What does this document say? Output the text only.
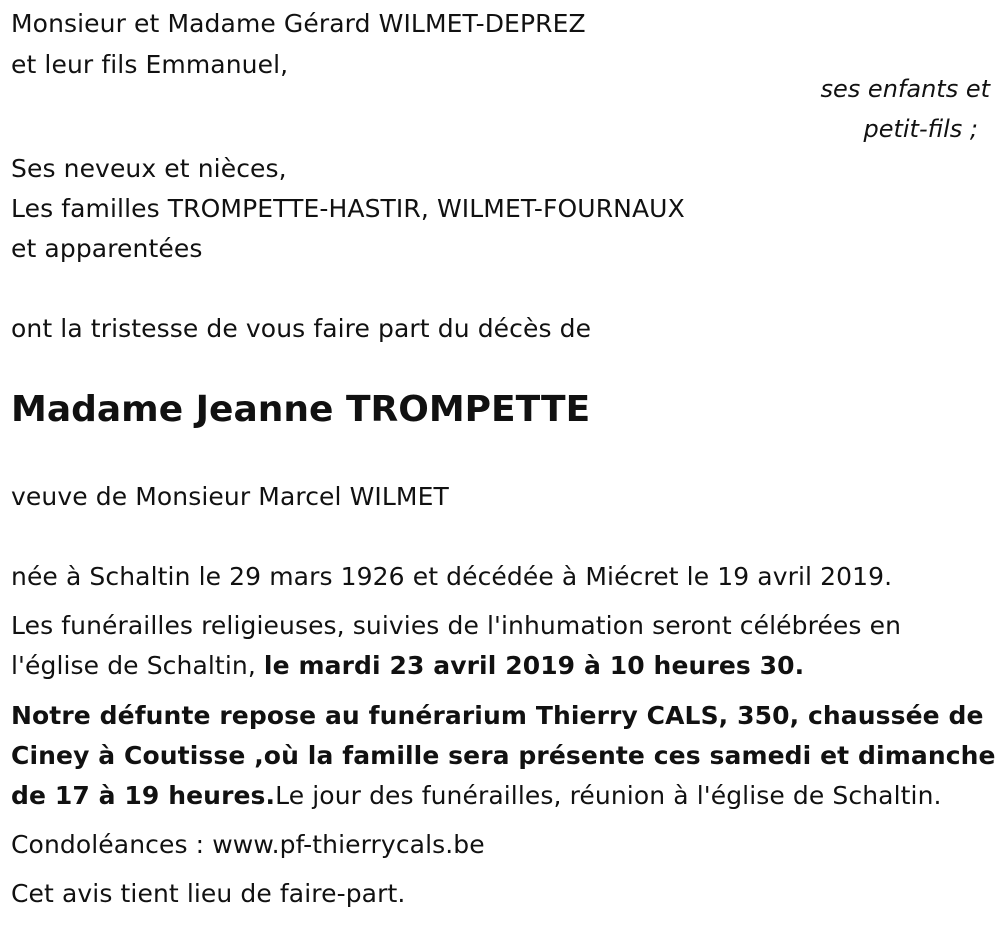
Monsieur et Madame Gérard WILMET-DEPREZ
et leur fils Emmanuel,
ses enfants et
petit-fils ;
Ses neveux et nièces,
Les familles TROMPETTE-HASTIR, WILMET-FOURNAUX
et apparentées
ont la tristesse de vous faire part du décès de
Madame Jeanne TROMPETTE
veuve de Monsieur Marcel WILMET
née à Schaltin le 29 mars 1926 et décédée à Miécret le 19 avril 2019.
Les funérailles religieuses, suivies de l'inhumation seront célébrées en
l'église de Schaltin, le mardi 23 avril 2019 à 10 heures 30.
Notre défunte repose au funérarium Thierry CALS, 350, chaussée de
Ciney à Coutisse ,où la famille sera présente ces samedi et dimanche
de 17 à 19 heures.Le jour des funérailles, réunion à l'église de Schaltin.
Condoléances : www.pf-thierrycals.be
Cet avis tient lieu de faire-part.
